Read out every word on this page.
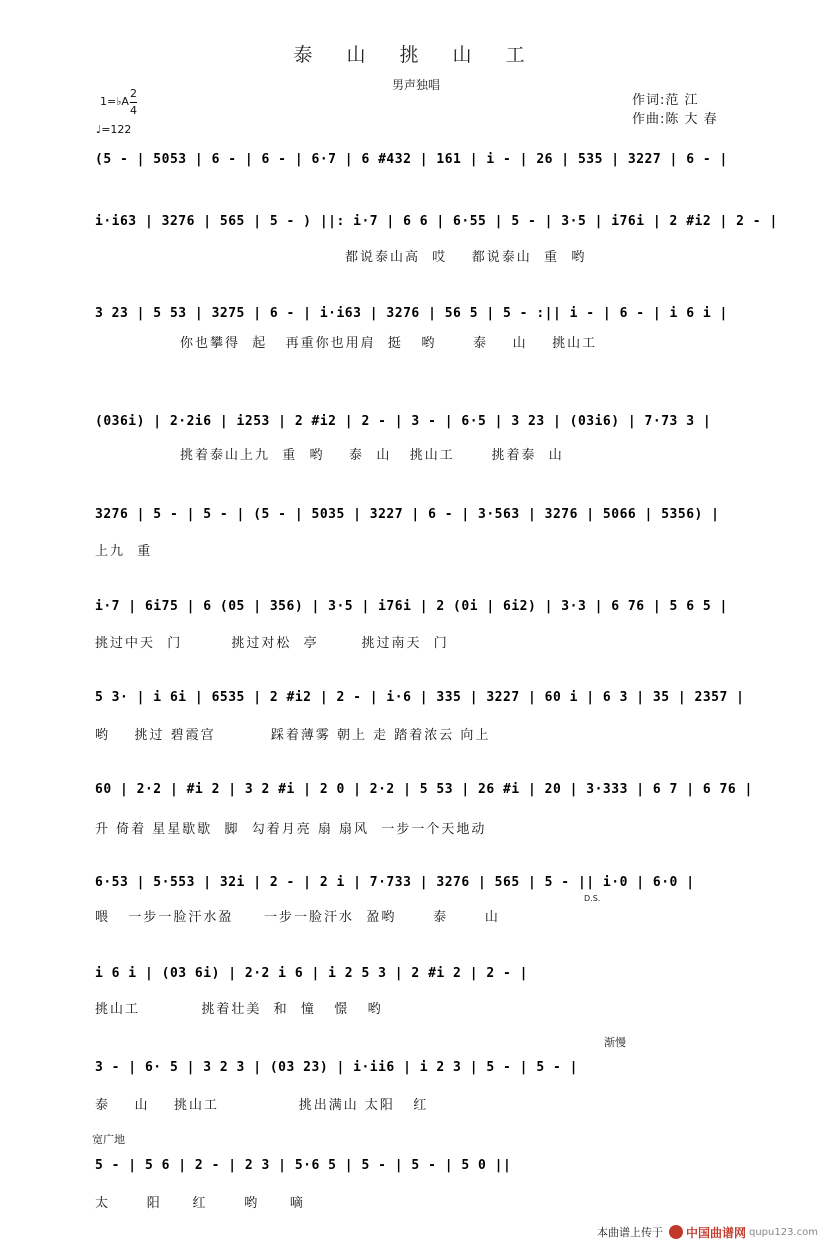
泰 山 挑 山 工
男声独唱
1=♭A $\frac{2}{4}$
♩=122
作词:范 江
作曲:陈 大 春
(5 - | 5053 | 6 - | 6 - | 6·7 | 6 #432 | 161 | i - | 26 | 535 | 3227 | 6 - |
i·i63 | 3276 | 565 | 5 - ) ||: i·7 | 6 6 | 6·55 | 5 - | 3·5 | i76i | 2 #i2 | 2 - |
都说泰山高  哎    都说泰山  重  哟
3 23 | 5 53 | 3275 | 6 - | i·i63 | 3276 | 56 5 | 5 - :|| i - | 6 - | i 6 i |
你也攀得  起   再重你也用肩  挺   哟      泰    山    挑山工
(036i) | 2·2i6 | i253 | 2 #i2 | 2 - | 3 - | 6·5 | 3 23 | (03i6) | 7·73 3 |
挑着泰山上九  重  哟    泰  山   挑山工      挑着泰  山
3276 | 5 - | 5 - | (5 - | 5035 | 3227 | 6 - | 3·563 | 3276 | 5066 | 5356) |
上九  重
i·7 | 6i75 | 6 (05 | 356) | 3·5 | i76i | 2 (0i | 6i2) | 3·3 | 6 76 | 5 6 5 |
挑过中天  门        挑过对松  亭       挑过南天  门
5 3· | i 6i | 6535 | 2 #i2 | 2 - | i·6 | 335 | 3227 | 60 i | 6 3 | 35 | 2357 |
哟    挑过 碧霞宫         踩着薄雾 朝上 走 踏着浓云 向上
60 | 2·2 | #i 2 | 3 2 #i | 2 0 | 2·2 | 5 53 | 26 #i | 20 | 3·333 | 6 7 | 6 76 |
升 倚着 星星歇歇  脚  勾着月亮 扇 扇风  一步一个天地动
6·53 | 5·553 | 32i | 2 - | 2 i | 7·733 | 3276 | 565 | 5 - || i·0 | 6·0 |
D.S.
喂   一步一脸汗水盈     一步一脸汗水  盈哟      泰      山
i 6 i | (03 6i) | 2·2 i 6 | i 2 5 3 | 2 #i 2 | 2 - |
挑山工          挑着壮美  和  憧   憬   哟
渐慢
3 - | 6· 5 | 3 2 3 | (03 23) | i·ii6 | i 2 3 | 5 - | 5 - |
泰    山    挑山工             挑出满山 太阳   红
宽广地
5 - | 5 6 | 2 - | 2 3 | 5·6 5 | 5 - | 5 - | 5 0 ||
太      阳     红      哟     嘀
本曲谱上传于 中国曲谱网 qupu123.com
